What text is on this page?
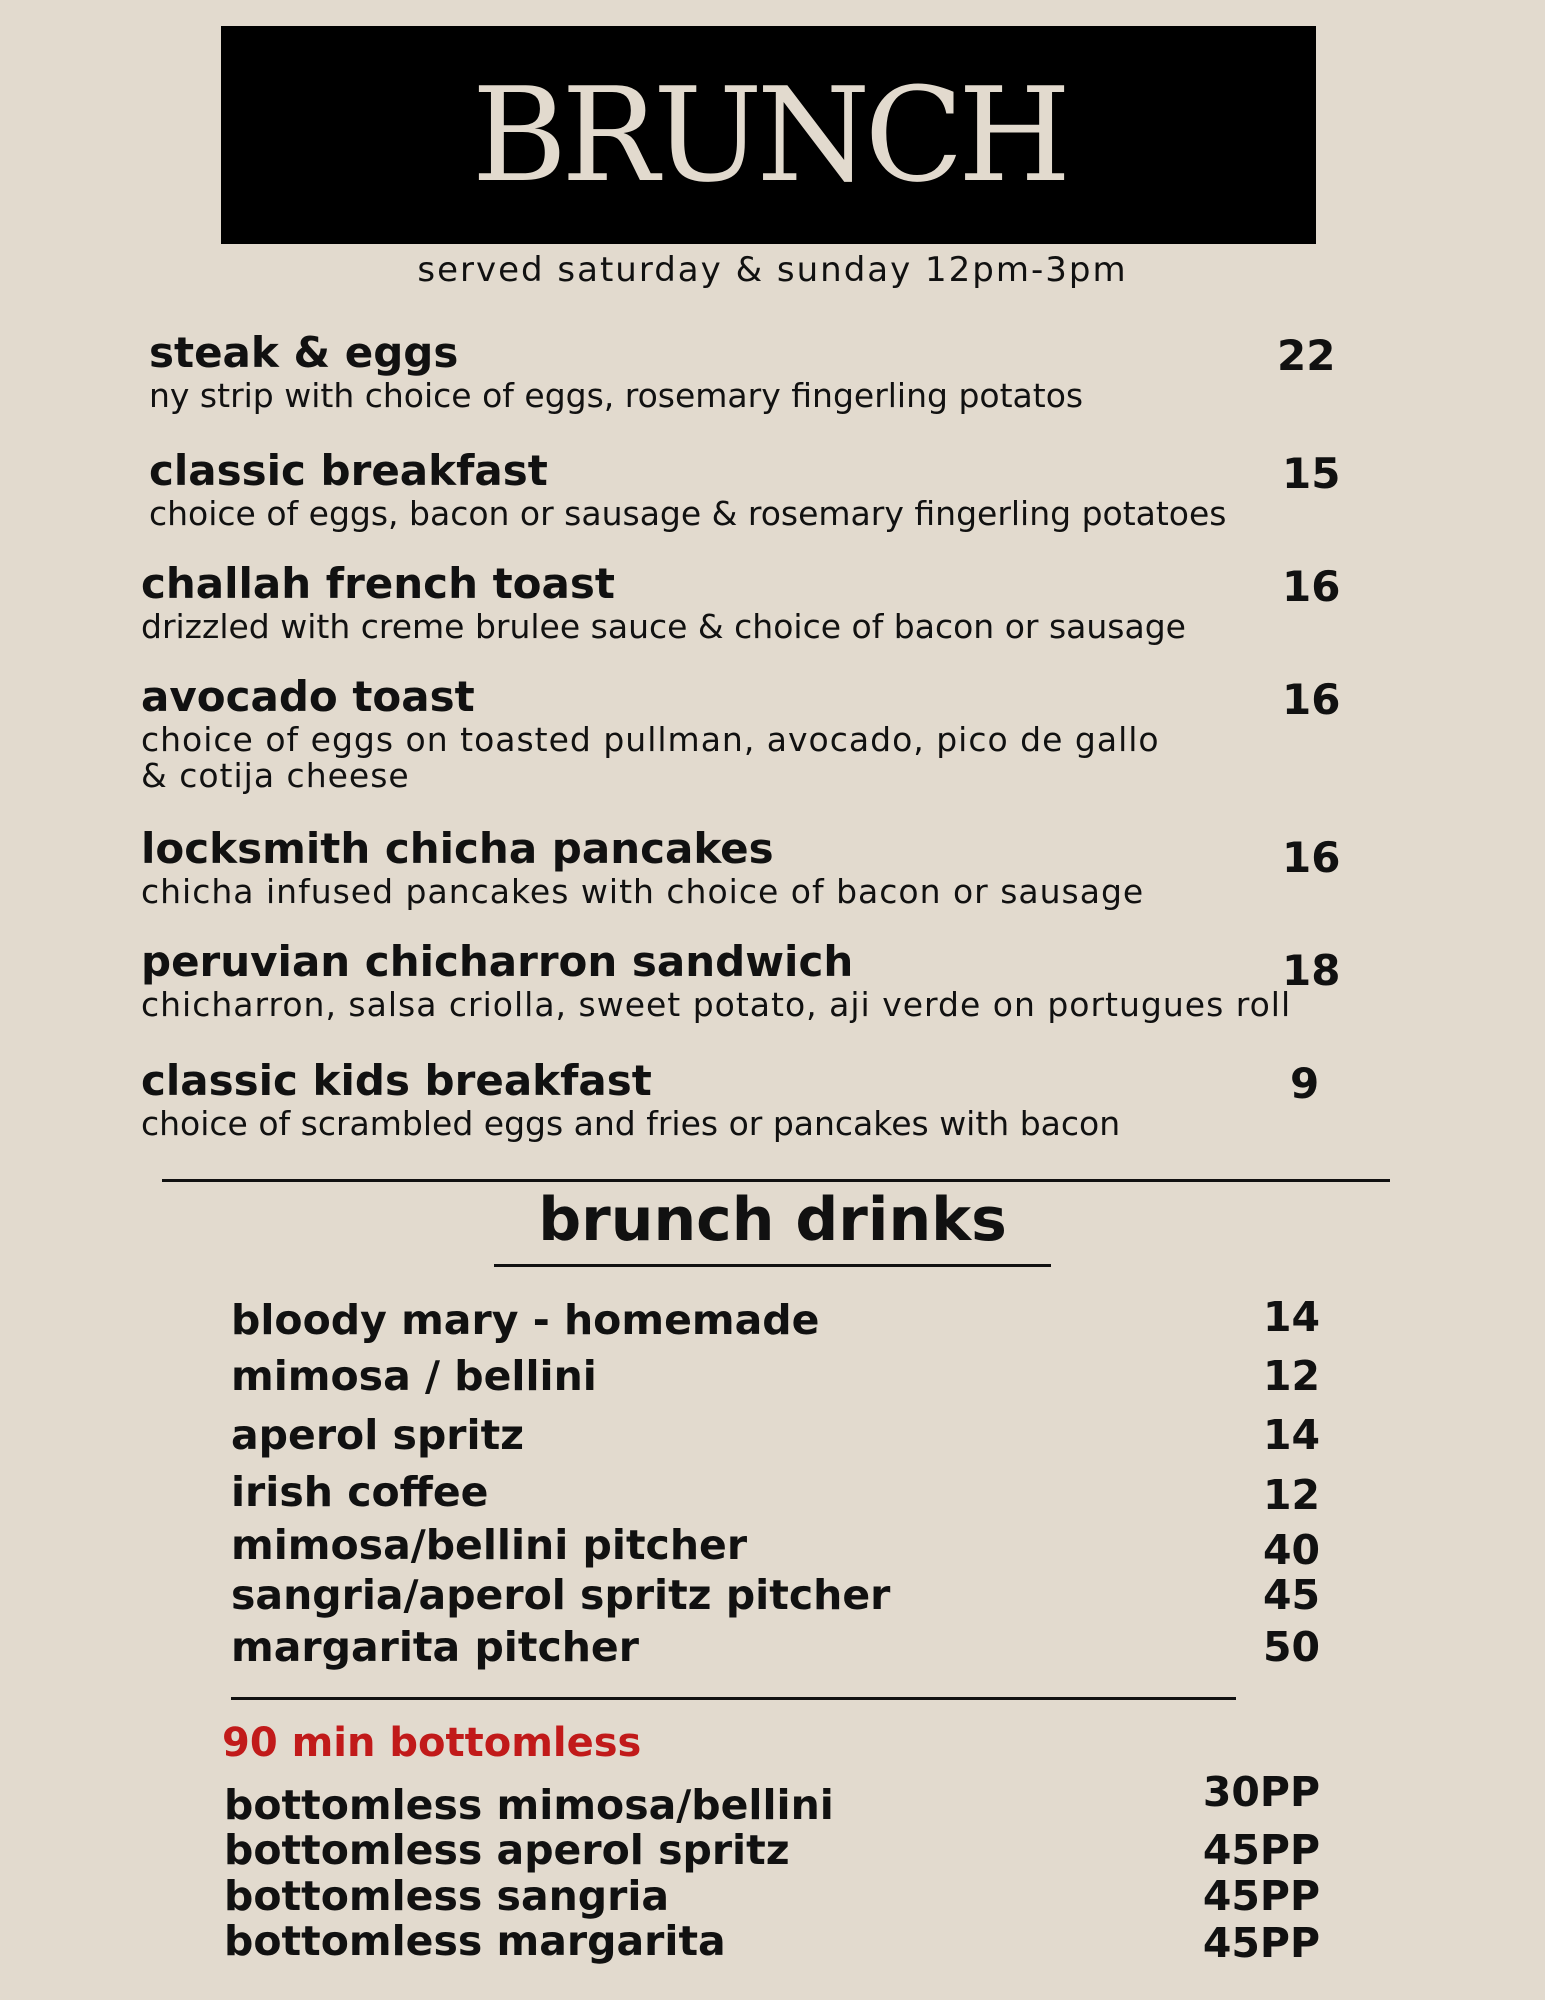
BRUNCH
served saturday & sunday 12pm-3pm
steak & eggs
ny strip with choice of eggs, rosemary fingerling potatos
22
classic breakfast
choice of eggs, bacon or sausage & rosemary fingerling potatoes
15
challah french toast
drizzled with creme brulee sauce & choice of bacon or sausage
16
avocado toast
choice of eggs on toasted pullman, avocado, pico de gallo
& cotija cheese
16
locksmith chicha pancakes
chicha infused pancakes with choice of bacon or sausage
16
peruvian chicharron sandwich
chicharron, salsa criolla, sweet potato, aji verde on portugues roll
18
classic kids breakfast
choice of scrambled eggs and fries or pancakes with bacon
9
brunch drinks
bloody mary - homemade	14
mimosa / bellini	12
aperol spritz	14
irish coffee	12
mimosa/bellini pitcher	40
sangria/aperol spritz pitcher	45
margarita pitcher	50
90 min bottomless
bottomless mimosa/bellini	30PP
bottomless aperol spritz	45PP
bottomless sangria	45PP
bottomless margarita	45PP
